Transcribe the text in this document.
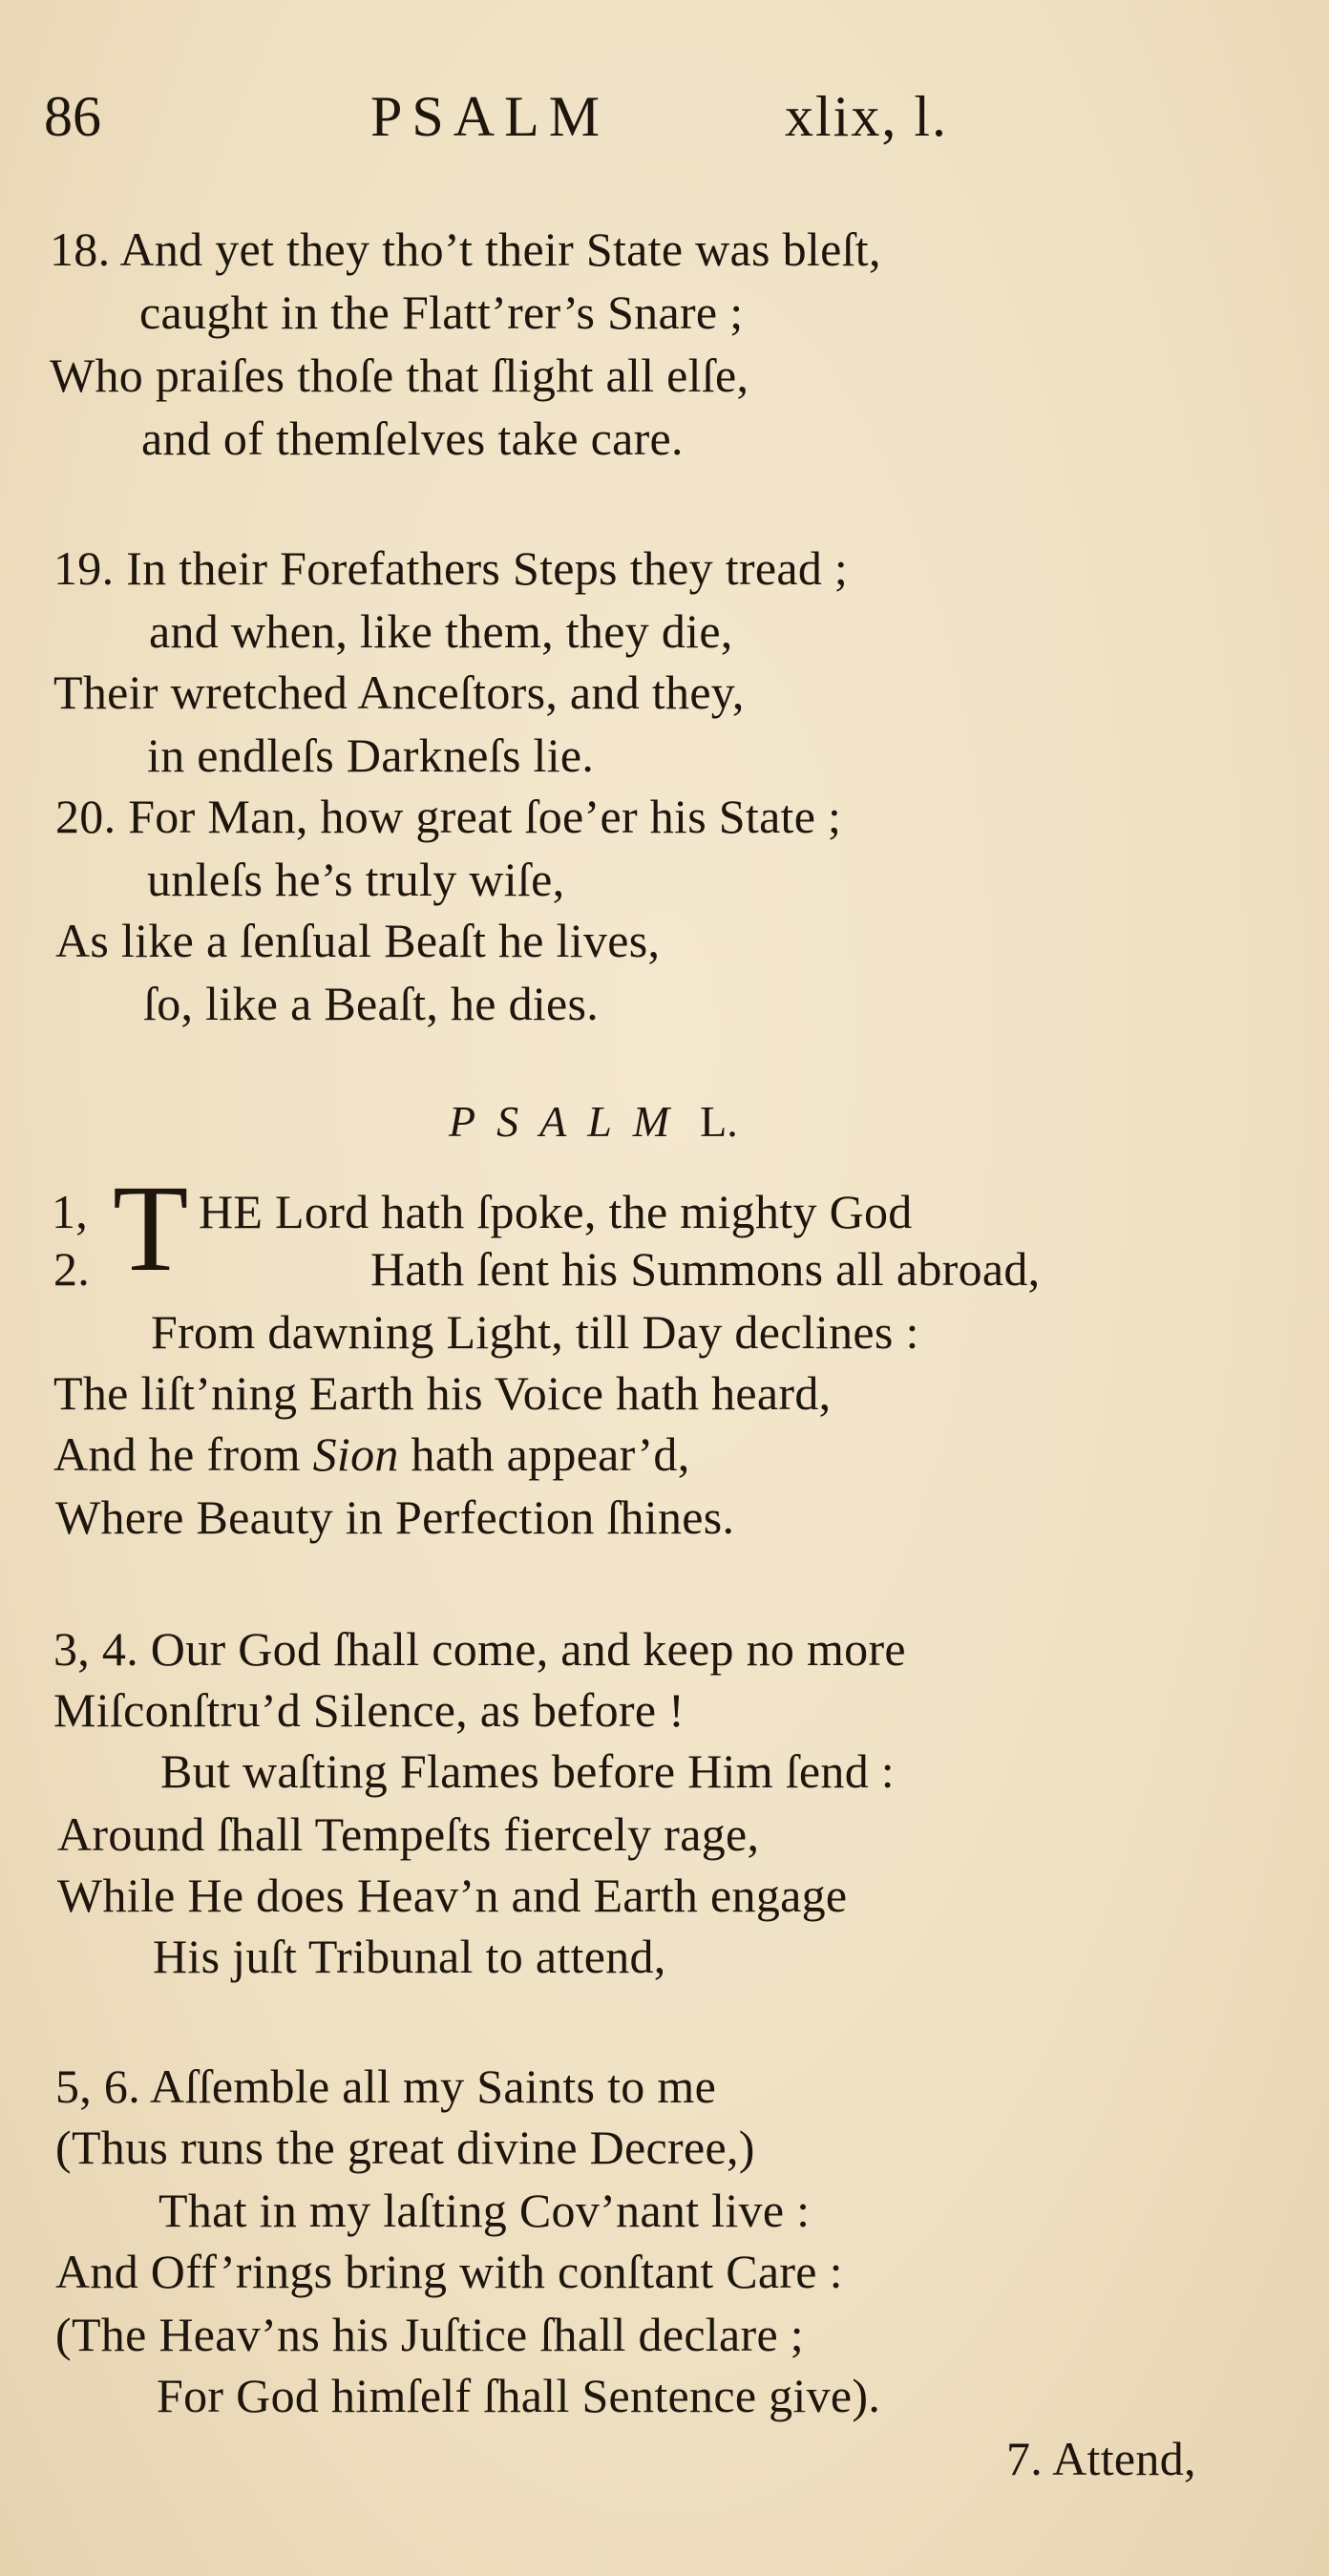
86	PSALM	xlix, l.
18. And yet they tho’t their State was bleſt,
caught in the Flatt’rer’s Snare ;
Who praiſes thoſe that ſlight all elſe,
and of themſelves take care.
19. In their Forefathers Steps they tread ;
and when, like them, they die,
Their wretched Anceſtors, and they,
in endleſs Darkneſs lie.
20. For Man, how great ſoe’er his State ;
unleſs he’s truly wiſe,
As like a ſenſual Beaſt he lives,
ſo, like a Beaſt, he dies.
PSALM L.
1,
2. T HE Lord hath ſpoke, the mighty God
Hath ſent his Summons all abroad,
From dawning Light, till Day declines :
The liſt’ning Earth his Voice hath heard,
And he from Sion hath appear’d,
Where Beauty in Perfection ſhines.
3, 4. Our God ſhall come, and keep no more
Miſconſtru’d Silence, as before !
But waſting Flames before Him ſend :
Around ſhall Tempeſts fiercely rage,
While He does Heav’n and Earth engage
His juſt Tribunal to attend,
5, 6. Aſſemble all my Saints to me
(Thus runs the great divine Decree,)
That in my laſting Cov’nant live :
And Off’rings bring with conſtant Care :
(The Heav’ns his Juſtice ſhall declare ;
For God himſelf ſhall Sentence give).
7. Attend,
